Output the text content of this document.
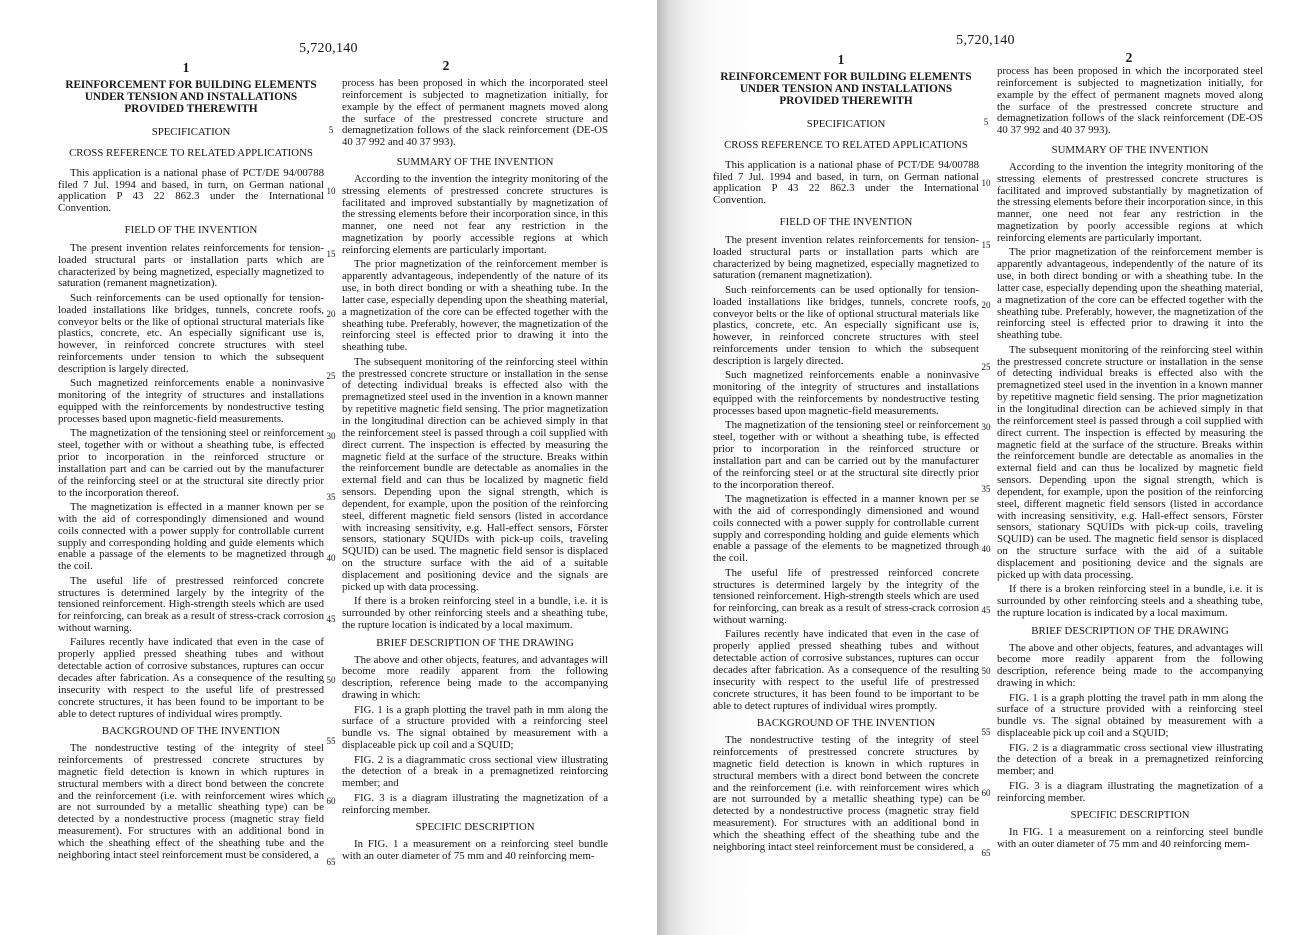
5,720,140
1	2
REINFORCEMENT FOR BUILDING ELEMENTS UNDER TENSION AND INSTALLATIONS PROVIDED THEREWITH
SPECIFICATION
CROSS REFERENCE TO RELATED APPLICATIONS

This application is a national phase of PCT/DE 94/00788 filed 7 Jul. 1994 and based, in turn, on German national application P 43 22 862.3 under the International Convention.

FIELD OF THE INVENTION

The present invention relates reinforcements for tension-loaded structural parts or installation parts which are characterized by being magnetized, especially magnetized to saturation (remanent magnetization).

Such reinforcements can be used optionally for tension-loaded installations like bridges, tunnels, concrete roofs, conveyor belts or the like of optional structural materials like plastics, concrete, etc. An especially significant use is, however, in reinforced concrete structures with steel reinforcements under tension to which the subsequent description is largely directed.

Such magnetized reinforcements enable a noninvasive monitoring of the integrity of structures and installations equipped with the reinforcements by nondestructive testing processes based upon magnetic-field measurements.

The magnetization of the tensioning steel or reinforcement steel, together with or without a sheathing tube, is effected prior to incorporation in the reinforced structure or installation part and can be carried out by the manufacturer of the reinforcing steel or at the structural site directly prior to the incorporation thereof.

The magnetization is effected in a manner known per se with the aid of correspondingly dimensioned and wound coils connected with a power supply for controllable current supply and corresponding holding and guide elements which enable a passage of the elements to be magnetized through the coil.

The useful life of prestressed reinforced concrete structures is determined largely by the integrity of the tensioned reinforcement. High-strength steels which are used for reinforcing, can break as a result of stress-crack corrosion without warning.

Failures recently have indicated that even in the case of properly applied pressed sheathing tubes and without detectable action of corrosive substances, ruptures can occur decades after fabrication. As a consequence of the resulting insecurity with respect to the useful life of prestressed concrete structures, it has been found to be important to be able to detect ruptures of individual wires promptly.

BACKGROUND OF THE INVENTION

The nondestructive testing of the integrity of steel reinforcements of prestressed concrete structures by magnetic field detection is known in which ruptures in structural members with a direct bond between the concrete and the reinforcement (i.e. with reinforcement wires which are not surrounded by a metallic sheathing type) can be detected by a nondestructive process (magnetic stray field measurement). For structures with an additional bond in which the sheathing effect of the sheathing tube and the neighboring intact steel reinforcement must be considered, a

process has been proposed in which the incorporated steel reinforcement is subjected to magnetization initially, for example by the effect of permanent magnets moved along the surface of the prestressed concrete structure and demagnetization follows of the slack reinforcement (DE-OS 40 37 992 and 40 37 993).

SUMMARY OF THE INVENTION

According to the invention the integrity monitoring of the stressing elements of prestressed concrete structures is facilitated and improved substantially by magnetization of the stressing elements before their incorporation since, in this manner, one need not fear any restriction in the magnetization by poorly accessible regions at which reinforcing elements are particularly important.

The prior magnetization of the reinforcement member is apparently advantageous, independently of the nature of its use, in both direct bonding or with a sheathing tube. In the latter case, especially depending upon the sheathing material, a magnetization of the core can be effected together with the sheathing tube. Preferably, however, the magnetization of the reinforcing steel is effected prior to drawing it into the sheathing tube.

The subsequent monitoring of the reinforcing steel within the prestressed concrete structure or installation in the sense of detecting individual breaks is effected also with the premagnetized steel used in the invention in a known manner by repetitive magnetic field sensing. The prior magnetization in the longitudinal direction can be achieved simply in that the reinforcement steel is passed through a coil supplied with direct current. The inspection is effected by measuring the magnetic field at the surface of the structure. Breaks within the reinforcement bundle are detectable as anomalies in the external field and can thus be localized by magnetic field sensors. Depending upon the signal strength, which is dependent, for example, upon the position of the reinforcing steel, different magnetic field sensors (listed in accordance with increasing sensitivity, e.g. Hall-effect sensors, Förster sensors, stationary SQUIDs with pick-up coils, traveling SQUID) can be used. The magnetic field sensor is displaced on the structure surface with the aid of a suitable displacement and positioning device and the signals are picked up with data processing.

If there is a broken reinforcing steel in a bundle, i.e. it is surrounded by other reinforcing steels and a sheathing tube, the rupture location is indicated by a local maximum.

BRIEF DESCRIPTION OF THE DRAWING

The above and other objects, features, and advantages will become more readily apparent from the following description, reference being made to the accompanying drawing in which:

FIG. 1 is a graph plotting the travel path in mm along the surface of a structure provided with a reinforcing steel bundle vs. The signal obtained by measurement with a displaceable pick up coil and a SQUID;

FIG. 2 is a diagrammatic cross sectional view illustrating the detection of a break in a premagnetized reinforcing member; and

FIG. 3 is a diagram illustrating the magnetization of a reinforcing member.

SPECIFIC DESCRIPTION

In FIG. 1 a measurement on a reinforcing steel bundle with an outer diameter of 75 mm and 40 reinforcing mem-

5
10
15
20
25
30
35
40
45
50
55
60
65
5,720,140
1	2
REINFORCEMENT FOR BUILDING ELEMENTS UNDER TENSION AND INSTALLATIONS PROVIDED THEREWITH
SPECIFICATION
CROSS REFERENCE TO RELATED APPLICATIONS

This application is a national phase of PCT/DE 94/00788 filed 7 Jul. 1994 and based, in turn, on German national application P 43 22 862.3 under the International Convention.

FIELD OF THE INVENTION

The present invention relates reinforcements for tension-loaded structural parts or installation parts which are characterized by being magnetized, especially magnetized to saturation (remanent magnetization).

Such reinforcements can be used optionally for tension-loaded installations like bridges, tunnels, concrete roofs, conveyor belts or the like of optional structural materials like plastics, concrete, etc. An especially significant use is, however, in reinforced concrete structures with steel reinforcements under tension to which the subsequent description is largely directed.

Such magnetized reinforcements enable a noninvasive monitoring of the integrity of structures and installations equipped with the reinforcements by nondestructive testing processes based upon magnetic-field measurements.

The magnetization of the tensioning steel or reinforcement steel, together with or without a sheathing tube, is effected prior to incorporation in the reinforced structure or installation part and can be carried out by the manufacturer of the reinforcing steel or at the structural site directly prior to the incorporation thereof.

The magnetization is effected in a manner known per se with the aid of correspondingly dimensioned and wound coils connected with a power supply for controllable current supply and corresponding holding and guide elements which enable a passage of the elements to be magnetized through the coil.

The useful life of prestressed reinforced concrete structures is determined largely by the integrity of the tensioned reinforcement. High-strength steels which are used for reinforcing, can break as a result of stress-crack corrosion without warning.

Failures recently have indicated that even in the case of properly applied pressed sheathing tubes and without detectable action of corrosive substances, ruptures can occur decades after fabrication. As a consequence of the resulting insecurity with respect to the useful life of prestressed concrete structures, it has been found to be important to be able to detect ruptures of individual wires promptly.

BACKGROUND OF THE INVENTION

The nondestructive testing of the integrity of steel reinforcements of prestressed concrete structures by magnetic field detection is known in which ruptures in structural members with a direct bond between the concrete and the reinforcement (i.e. with reinforcement wires which are not surrounded by a metallic sheathing type) can be detected by a nondestructive process (magnetic stray field measurement). For structures with an additional bond in which the sheathing effect of the sheathing tube and the neighboring intact steel reinforcement must be considered, a

process has been proposed in which the incorporated steel reinforcement is subjected to magnetization initially, for example by the effect of permanent magnets moved along the surface of the prestressed concrete structure and demagnetization follows of the slack reinforcement (DE-OS 40 37 992 and 40 37 993).

SUMMARY OF THE INVENTION

According to the invention the integrity monitoring of the stressing elements of prestressed concrete structures is facilitated and improved substantially by magnetization of the stressing elements before their incorporation since, in this manner, one need not fear any restriction in the magnetization by poorly accessible regions at which reinforcing elements are particularly important.

The prior magnetization of the reinforcement member is apparently advantageous, independently of the nature of its use, in both direct bonding or with a sheathing tube. In the latter case, especially depending upon the sheathing material, a magnetization of the core can be effected together with the sheathing tube. Preferably, however, the magnetization of the reinforcing steel is effected prior to drawing it into the sheathing tube.

The subsequent monitoring of the reinforcing steel within the prestressed concrete structure or installation in the sense of detecting individual breaks is effected also with the premagnetized steel used in the invention in a known manner by repetitive magnetic field sensing. The prior magnetization in the longitudinal direction can be achieved simply in that the reinforcement steel is passed through a coil supplied with direct current. The inspection is effected by measuring the magnetic field at the surface of the structure. Breaks within the reinforcement bundle are detectable as anomalies in the external field and can thus be localized by magnetic field sensors. Depending upon the signal strength, which is dependent, for example, upon the position of the reinforcing steel, different magnetic field sensors (listed in accordance with increasing sensitivity, e.g. Hall-effect sensors, Förster sensors, stationary SQUIDs with pick-up coils, traveling SQUID) can be used. The magnetic field sensor is displaced on the structure surface with the aid of a suitable displacement and positioning device and the signals are picked up with data processing.

If there is a broken reinforcing steel in a bundle, i.e. it is surrounded by other reinforcing steels and a sheathing tube, the rupture location is indicated by a local maximum.

BRIEF DESCRIPTION OF THE DRAWING

The above and other objects, features, and advantages will become more readily apparent from the following description, reference being made to the accompanying drawing in which:

FIG. 1 is a graph plotting the travel path in mm along the surface of a structure provided with a reinforcing steel bundle vs. The signal obtained by measurement with a displaceable pick up coil and a SQUID;

FIG. 2 is a diagrammatic cross sectional view illustrating the detection of a break in a premagnetized reinforcing member; and

FIG. 3 is a diagram illustrating the magnetization of a reinforcing member.

SPECIFIC DESCRIPTION

In FIG. 1 a measurement on a reinforcing steel bundle with an outer diameter of 75 mm and 40 reinforcing mem-

5
10
15
20
25
30
35
40
45
50
55
60
65
